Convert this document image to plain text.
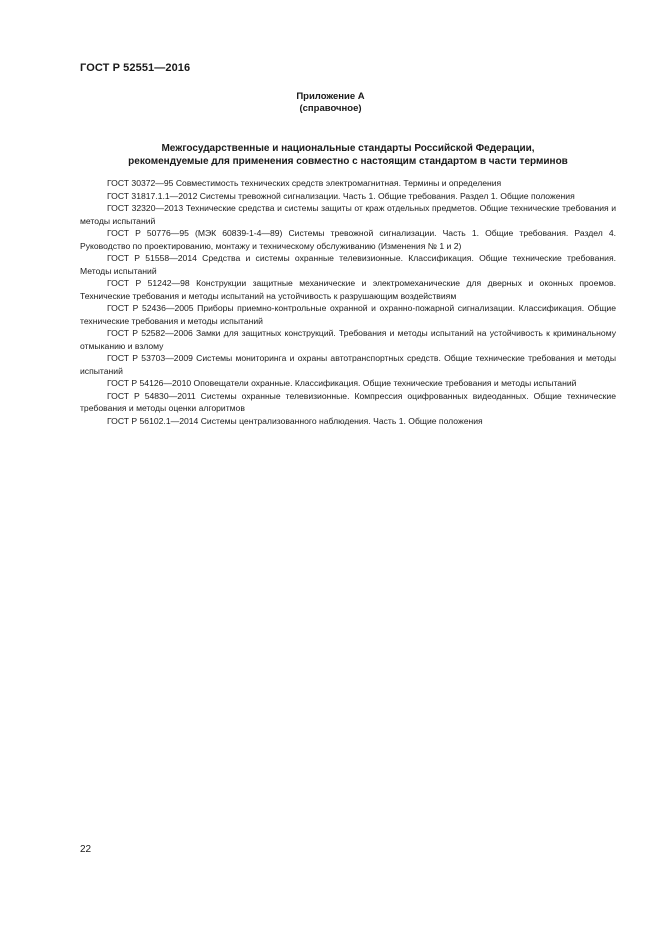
ГОСТ Р 52551—2016
Приложение А
(справочное)
Межгосударственные и национальные стандарты Российской Федерации,
рекомендуемые для применения совместно с настоящим стандартом в части терминов

ГОСТ 30372—95 Совместимость технических средств электромагнитная. Термины и определения

ГОСТ 31817.1.1—2012 Системы тревожной сигнализации. Часть 1. Общие требования. Раздел 1. Общие положения

ГОСТ 32320—2013 Технические средства и системы защиты от краж отдельных предметов. Общие технические требования и методы испытаний

ГОСТ Р 50776—95 (МЭК 60839-1-4—89) Системы тревожной сигнализации. Часть 1. Общие требования. Раздел 4. Руководство по проектированию, монтажу и техническому обслуживанию (Изменения № 1 и 2)

ГОСТ Р 51558—2014 Средства и системы охранные телевизионные. Классификация. Общие технические требования. Методы испытаний

ГОСТ Р 51242—98 Конструкции защитные механические и электромеханические для дверных и оконных проемов. Технические требования и методы испытаний на устойчивость к разрушающим воздействиям

ГОСТ Р 52436—2005 Приборы приемно-контрольные охранной и охранно-пожарной сигнализации. Классификация. Общие технические требования и методы испытаний

ГОСТ Р 52582—2006 Замки для защитных конструкций. Требования и методы испытаний на устойчивость к криминальному отмыканию и взлому

ГОСТ Р 53703—2009 Системы мониторинга и охраны автотранспортных средств. Общие технические требования и методы испытаний

ГОСТ Р 54126—2010 Оповещатели охранные. Классификация. Общие технические требования и методы испытаний

ГОСТ Р 54830—2011 Системы охранные телевизионные. Компрессия оцифрованных видеоданных. Общие технические требования и методы оценки алгоритмов

ГОСТ Р 56102.1—2014 Системы централизованного наблюдения. Часть 1. Общие положения

22
